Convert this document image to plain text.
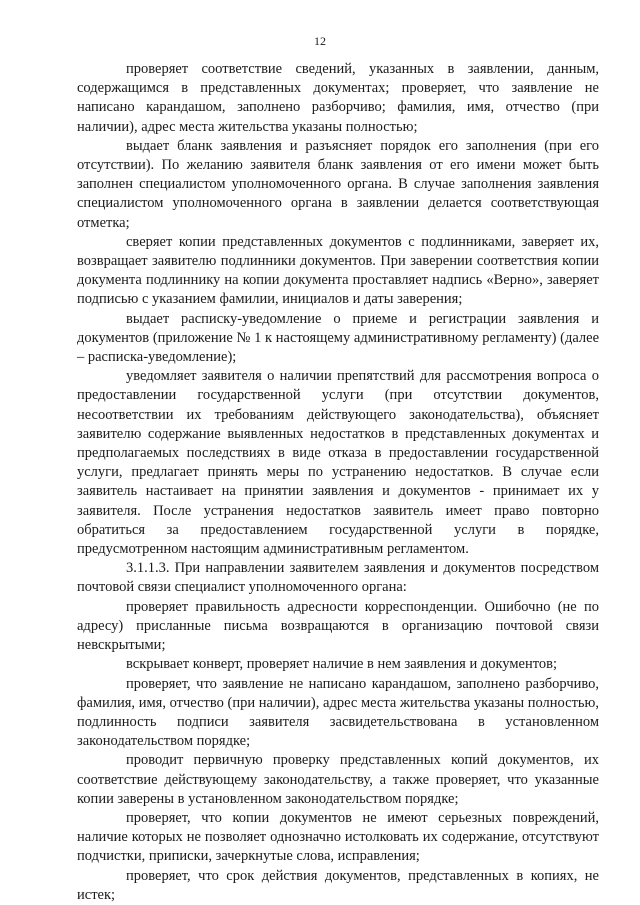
12

проверяет соответствие сведений, указанных в заявлении, данным, содержащимся в представленных документах; проверяет, что заявление не написано карандашом, заполнено разборчиво; фамилия, имя, отчество (при наличии), адрес места жительства указаны полностью;

выдает бланк заявления и разъясняет порядок его заполнения (при его отсутствии). По желанию заявителя бланк заявления от его имени может быть заполнен специалистом уполномоченного органа. В случае заполнения заявления специалистом уполномоченного органа в заявлении делается соответствующая отметка;

сверяет копии представленных документов с подлинниками, заверяет их, возвращает заявителю подлинники документов. При заверении соответствия копии документа подлиннику на копии документа проставляет надпись «Верно», заверяет подписью с указанием фамилии, инициалов и даты заверения;

выдает расписку-уведомление о приеме и регистрации заявления и документов (приложение № 1 к настоящему административному регламенту) (далее – расписка-уведомление);

уведомляет заявителя о наличии препятствий для рассмотрения вопроса о предоставлении государственной услуги (при отсутствии документов, несоответствии их требованиям действующего законодательства), объясняет заявителю содержание выявленных недостатков в представленных документах и предполагаемых последствиях в виде отказа в предоставлении государственной услуги, предлагает принять меры по устранению недостатков. В случае если заявитель настаивает на принятии заявления и документов - принимает их у заявителя. После устранения недостатков заявитель имеет право повторно обратиться за предоставлением государственной услуги в порядке, предусмотренном настоящим административным регламентом.

3.1.1.3. При направлении заявителем заявления и документов посредством почтовой связи специалист уполномоченного органа:

проверяет правильность адресности корреспонденции. Ошибочно (не по адресу) присланные письма возвращаются в организацию почтовой связи невскрытыми;

вскрывает конверт, проверяет наличие в нем заявления и документов;

проверяет, что заявление не написано карандашом, заполнено разборчиво, фамилия, имя, отчество (при наличии), адрес места жительства указаны полностью, подлинность подписи заявителя засвидетельствована в установленном законодательством порядке;

проводит первичную проверку представленных копий документов, их соответствие действующему законодательству, а также проверяет, что указанные копии заверены в установленном законодательством порядке;

проверяет, что копии документов не имеют серьезных повреждений, наличие которых не позволяет однозначно истолковать их содержание, отсутствуют подчистки, приписки, зачеркнутые слова, исправления;

проверяет, что срок действия документов, представленных в копиях, не истек;
